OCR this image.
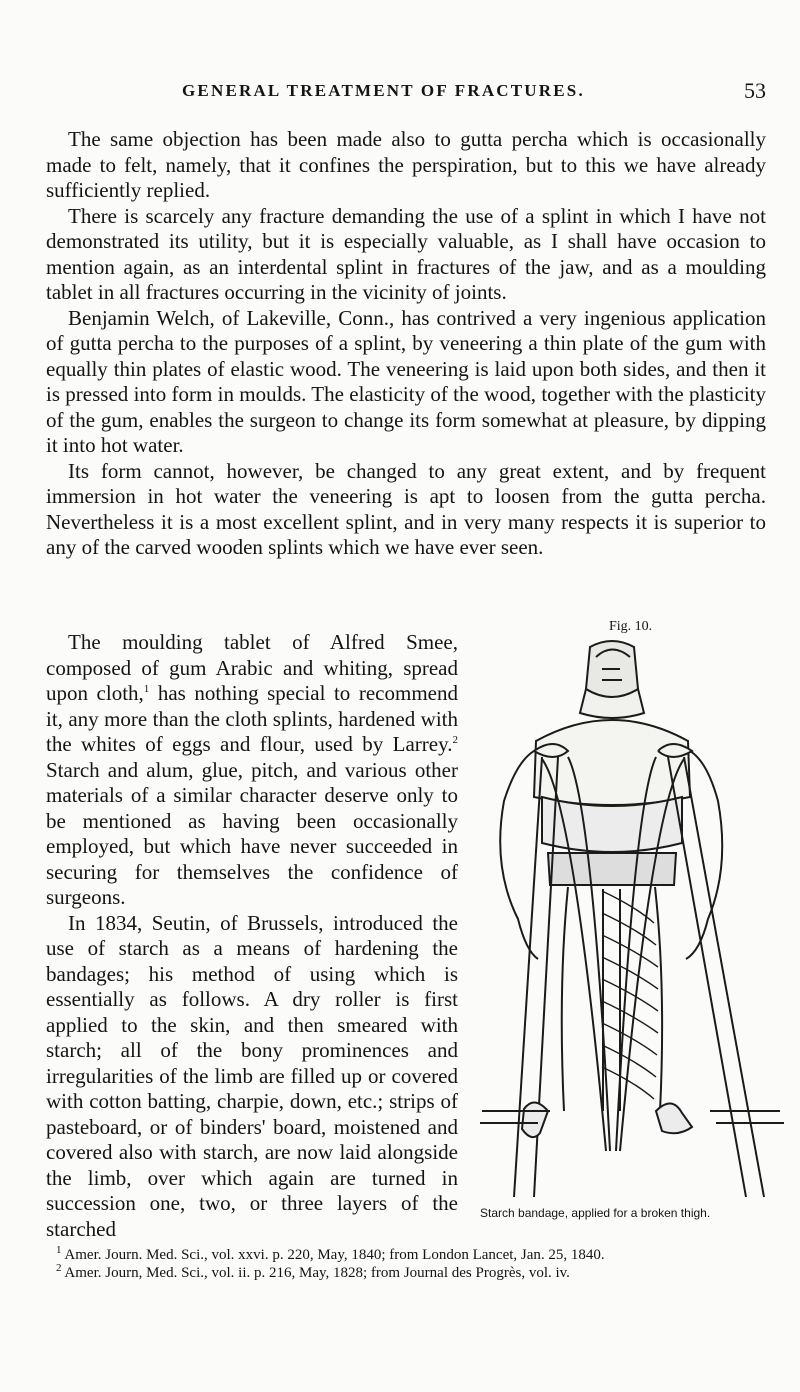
GENERAL TREATMENT OF FRACTURES.	53

The same objection has been made also to gutta percha which is occasionally made to felt, namely, that it confines the perspiration, but to this we have already sufficiently replied.

There is scarcely any fracture demanding the use of a splint in which I have not demonstrated its utility, but it is especially valuable, as I shall have occasion to mention again, as an interdental splint in fractures of the jaw, and as a moulding tablet in all fractures occurring in the vicinity of joints.

Benjamin Welch, of Lakeville, Conn., has contrived a very ingenious application of gutta percha to the purposes of a splint, by veneering a thin plate of the gum with equally thin plates of elastic wood. The veneering is laid upon both sides, and then it is pressed into form in moulds. The elasticity of the wood, together with the plasticity of the gum, enables the surgeon to change its form somewhat at pleasure, by dipping it into hot water.

Its form cannot, however, be changed to any great extent, and by frequent immersion in hot water the veneering is apt to loosen from the gutta percha. Nevertheless it is a most excellent splint, and in very many respects it is superior to any of the carved wooden splints which we have ever seen.

The moulding tablet of Alfred Smee, composed of gum Arabic and whiting, spread upon cloth,$^1$ has nothing special to recommend it, any more than the cloth splints, hardened with the whites of eggs and flour, used by Larrey.$^2$ Starch and alum, glue, pitch, and various other materials of a similar character deserve only to be mentioned as having been occasionally employed, but which have never succeeded in securing for themselves the confidence of surgeons.

In 1834, Seutin, of Brussels, introduced the use of starch as a means of hardening the bandages; his method of using which is essentially as follows. A dry roller is first applied to the skin, and then smeared with starch; all of the bony prominences and irregularities of the limb are filled up or covered with cotton batting, charpie, down, etc.; strips of pasteboard, or of binders' board, moistened and covered also with starch, are now laid alongside the limb, over which again are turned in succession one, two, or three layers of the starched

Fig. 10.
Starch bandage, applied for a broken thigh.

$^1$ Amer. Journ. Med. Sci., vol. xxvi. p. 220, May, 1840; from London Lancet, Jan. 25, 1840.

$^2$ Amer. Journ, Med. Sci., vol. ii. p. 216, May, 1828; from Journal des Progrès, vol. iv.
